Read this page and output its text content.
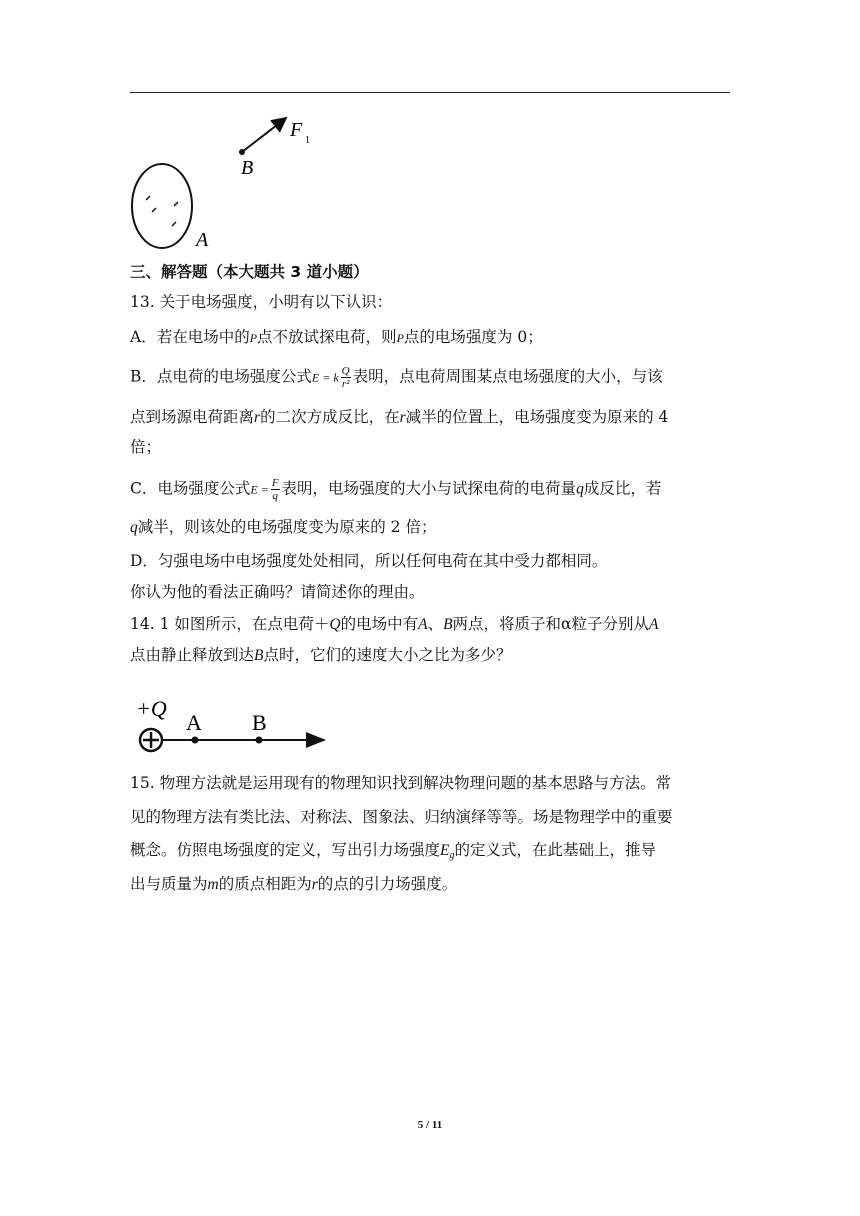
F 1
B
A
三、解答题（本大题共 3 道小题）
13. 关于电场强度，小明有以下认识：
A．若在电场中的P点不放试探电荷，则P点的电场强度为 0；
B．点电荷的电场强度公式E = k $\frac{Q}{\text{r²}}$ 表明，点电荷周围某点电场强度的大小，与该
点到场源电荷距离r的二次方成反比，在r减半的位置上，电场强度变为原来的 4
倍；
C．电场强度公式$E = \frac{F}{q}$ 表明，电场强度的大小与试探电荷的电荷量q成反比，若
q减半，则该处的电场强度变为原来的 2 倍；
D．匀强电场中电场强度处处相同，所以任何电荷在其中受力都相同。
你认为他的看法正确吗？请简述你的理由。
14. 1 如图所示，在点电荷＋Q的电场中有A、B两点，将质子和α粒子分别从A
点由静止释放到达B点时，它们的速度大小之比为多少？
+Q
A B
15. 物理方法就是运用现有的物理知识找到解决物理问题的基本思路与方法。常
见的物理方法有类比法、对称法、图象法、归纳演绎等等。场是物理学中的重要
概念。仿照电场强度的定义，写出引力场强度$E_g$的定义式，在此基础上，推导
出与质量为m的质点相距为r的点的引力场强度。
5 / 11
